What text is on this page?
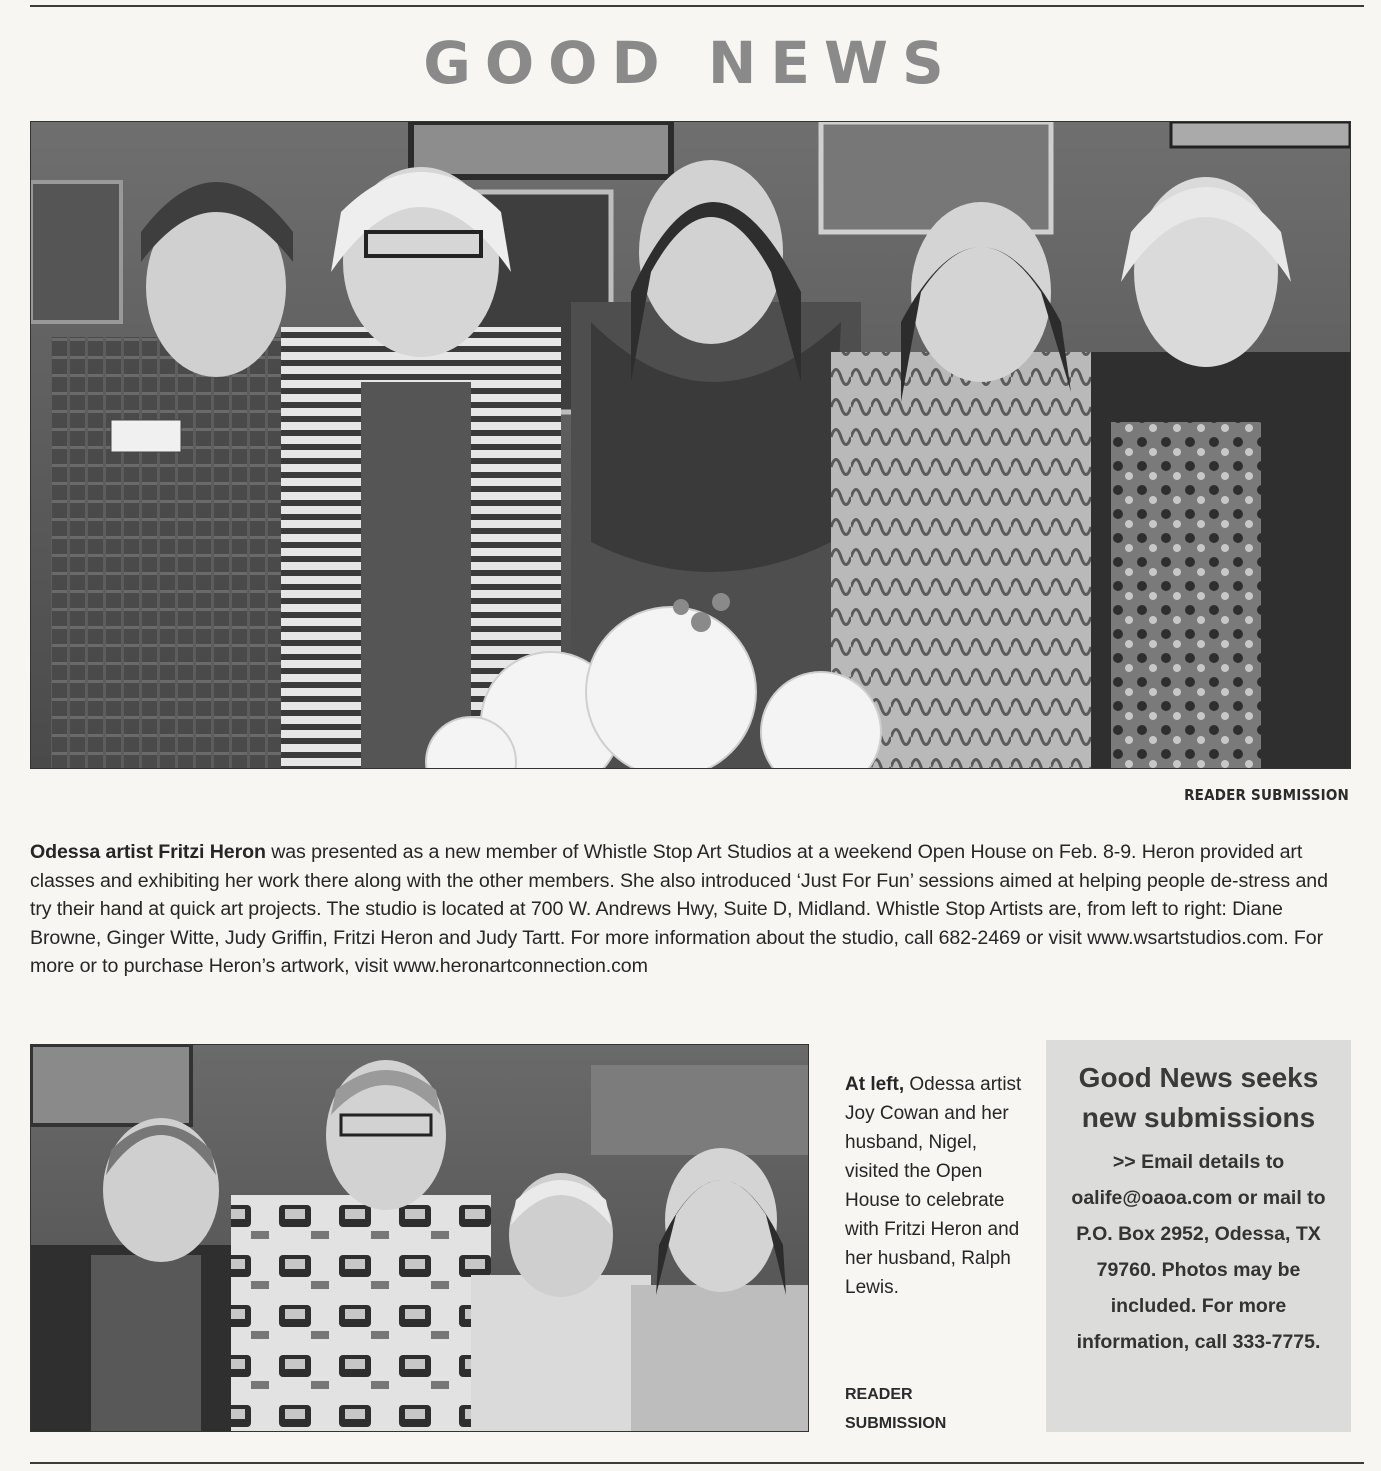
GOOD NEWS
READER SUBMISSION
Odessa artist Fritzi Heron was presented as a new member of Whistle Stop Art Studios at a weekend Open House on Feb. 8-9. Heron provided art classes and exhibiting her work there along with the other members. She also introduced ‘Just For Fun’ sessions aimed at helping people de-stress and try their hand at quick art projects. The studio is located at 700 W. Andrews Hwy, Suite D, Midland. Whistle Stop Artists are, from left to right: Diane Browne, Ginger Witte, Judy Griffin, Fritzi Heron and Judy Tartt. For more information about the studio, call 682-2469 or visit www.wsartstudios.com. For more or to purchase Heron’s artwork, visit www.heronartconnection.com
At left, Odessa artist Joy Cowan and her husband, Nigel, visited the Open House to celebrate with Fritzi Heron and her husband, Ralph Lewis.
READER SUBMISSION
Good News seeks new submissions
>> Email details to oalife@oaoa.com or mail to P.O. Box 2952, Odessa, TX 79760. Photos may be included. For more information, call 333-7775.
